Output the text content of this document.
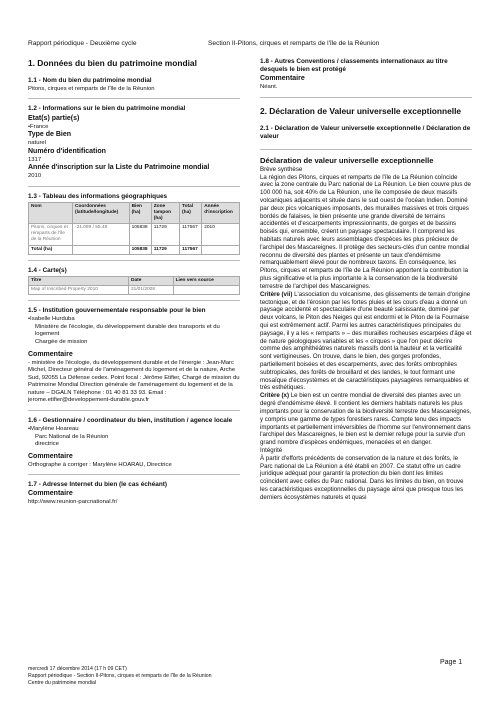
Rapport périodique - Deuxième cycle	Section II-Pitons, cirques et remparts de l'île de la Réunion
1. Données du bien du patrimoine mondial
1.1 - Nom du bien du patrimoine mondial
Pitons, cirques et remparts de l'île de la Réunion
1.2 - Informations sur le bien du patrimoine mondial
Etat(s) partie(s)
•France
Type de Bien
naturel
Numéro d'identification
1317
Année d'inscription sur la Liste du Patrimoine mondial
2010
1.3 - Tableau des informations géographiques
Nom	Coordonnées (latitude/longitude)	Bien (ha)	Zone tampon (ha)	Total (ha)	Année d'inscription
Pitons, cirques et remparts de l'île de la Réunion	-21.099 / 55.48	105838	11729	117567	2010
Total (ha)		105838	11729	117567	
1.4 - Carte(s)
Titre	Date	Lien vers source
Map of Inscribed Property 2010	31/01/2008	
1.5 - Institution gouvernementale responsable pour le bien
•Isabelle Hurduba
Ministère de l'écologie, du développement durable des transports et du logement
Chargée de mission
Commentaire
- ministère de l'écologie, du développement durable et de l'énergie : Jean-Marc Michel, Directeur général de l'aménagement du logement et de la nature, Arche Sud, 92055 La Défense cedex. Point focal : Jérôme Etifier, Chargé de mission du Patrimoine Mondial Direction générale de l'aménagement du logement et de la nature – DGALN Téléphone : 01 40 81 33 93. Email : jerome.etifier@developpement-durable.gouv.fr
1.6 - Gestionnaire / coordinateur du bien, institution / agence locale
•Marylène Hoareau
Parc National de la Réunion
directrice
Commentaire
Orthographe à corriger : Marylène HOARAU, Directrice
1.7 - Adresse Internet du bien (le cas échéant)
Commentaire
http://www.reunion-parcnational.fr/
1.8 - Autres Conventions / classements internationaux au titre desquels le bien est protégé
Commentaire
Néant.
2. Déclaration de Valeur universelle exceptionnelle
2.1 - Déclaration de Valeur universelle exceptionnelle / Déclaration de valeur
Déclaration de valeur universelle exceptionnelle

Brève synthèse

La région des Pitons, cirques et remparts de l'île de La Réunion coïncide avec la zone centrale du Parc national de La Réunion. Le bien couvre plus de 100 000 ha, soit 40% de La Réunion, une île composée de deux massifs volcaniques adjacents et située dans le sud ouest de l'océan Indien. Dominé par deux pics volcaniques imposants, des murailles massives et trois cirques bordés de falaises, le bien présente une grande diversité de terrains accidentés et d'escarpements impressionnants, de gorges et de bassins boisés qui, ensemble, créent un paysage spectaculaire. Il comprend les habitats naturels avec leurs assemblages d'espèces les plus précieux de l'archipel des Mascareignes. Il protège des secteurs-clés d'un centre mondial reconnu de diversité des plantes et présente un taux d'endémisme remarquablement élevé pour de nombreux taxons. En conséquence, les Pitons, cirques et remparts de l'île de La Réunion apportent la contribution la plus significative et la plus importante à la conservation de la biodiversité terrestre de l'archipel des Mascareignes.

Critère (vii) L'association du volcanisme, des glissements de terrain d'origine tectonique, et de l'érosion par les fortes pluies et les cours d'eau a donné un paysage accidenté et spectaculaire d'une beauté saisissante, dominé par deux volcans, le Piton des Neiges qui est endormi et le Piton de la Fournaise qui est extrêmement actif. Parmi les autres caractéristiques principales du paysage, il y a les « remparts » – des murailles rocheuses escarpées d'âge et de nature géologiques variables et les « cirques » que l'on peut décrire comme des amphithéâtres naturels massifs dont la hauteur et la verticalité sont vertigineuses. On trouve, dans le bien, des gorges profondes, partiellement boisées et des escarpements, avec des forêts ombrophiles subtropicales, des forêts de brouillard et des landes, le tout formant une mosaïque d'écosystèmes et de caractéristiques paysagères remarquables et très esthétiques.

Critère (x) Le bien est un centre mondial de diversité des plantes avec un degré d'endémisme élevé. Il contient les derniers habitats naturels les plus importants pour la conservation de la biodiversité terrestre des Mascareignes, y compris une gamme de types forestiers rares. Compte tenu des impacts importants et partiellement irréversibles de l'homme sur l'environnement dans l'archipel des Mascareignes, le bien est le dernier refuge pour la survie d'un grand nombre d'espèces endémiques, menacées et en danger.

Intégrité

À partir d'efforts précédents de conservation de la nature et des forêts, le Parc national de La Réunion a été établi en 2007. Ce statut offre un cadre juridique adéquat pour garantir la protection du bien dont les limites coïncident avec celles du Parc national. Dans les limites du bien, on trouve les caractéristiques exceptionnelles du paysage ainsi que presque tous les derniers écosystèmes naturels et quasi

Page 1
mercredi 17 décembre 2014 (17 h 09 CET)
Rapport périodique - Section II-Pitons, cirques et remparts de l'île de la Réunion
Centre du patrimoine mondial
